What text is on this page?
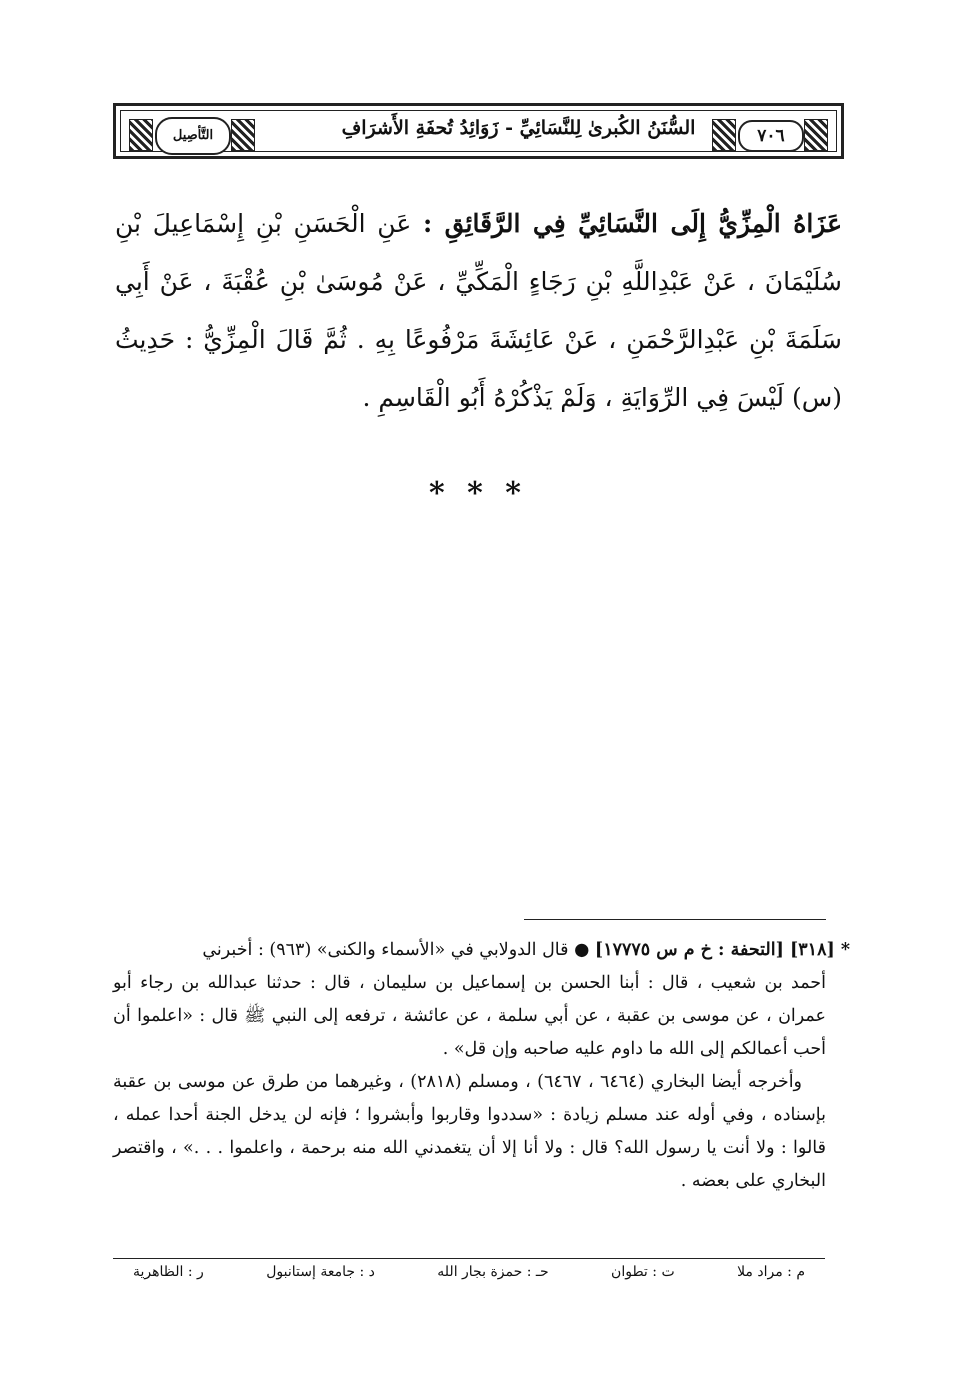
٧٠٦
السُّنَنُ الكُبرىٰ لِلنَّسَائِيِّ - زَوَائِدُ تُحفَةِ الأَشرَافِ
التَّأصِيل
عَزَاهُ الْمِزِّيُّ إِلَى النَّسَائِيِّ فِي الرَّقَائِقِ : عَنِ الْحَسَنِ بْنِ إِسْمَاعِيلَ بْنِ سُلَيْمَانَ ، عَنْ عَبْدِاللَّهِ بْنِ رَجَاءٍ الْمَكِّيِّ ، عَنْ مُوسَىٰ بْنِ عُقْبَةَ ، عَنْ أَبِي سَلَمَةَ بْنِ عَبْدِالرَّحْمَنِ ، عَنْ عَائِشَةَ مَرْفُوعًا بِهِ . ثُمَّ قَالَ الْمِزِّيُّ : حَدِيثُ (س) لَيْسَ فِي الرِّوَايَةِ ، وَلَمْ يَذْكُرْهُ أَبُو الْقَاسِمِ .
* * *

* [٣١٨] [التحفة : خ م س ١٧٧٧٥] ● قال الدولابي في «الأسماء والكنى» (٩٦٣) : أخبرني

أحمد بن شعيب ، قال : أبنا الحسن بن إسماعيل بن سليمان ، قال : حدثنا عبدالله بن رجاء أبو عمران ، عن موسى بن عقبة ، عن أبي سلمة ، عن عائشة ، ترفعه إلى النبي ﷺ قال : «اعلموا أن أحب أعمالكم إلى الله ما داوم عليه صاحبه وإن قل» .

وأخرجه أيضا البخاري (٦٤٦٤ ، ٦٤٦٧) ، ومسلم (٢٨١٨) ، وغيرهما من طرق عن موسى بن عقبة بإسناده ، وفي أوله عند مسلم زيادة : «سددوا وقاربوا وأبشروا ؛ فإنه لن يدخل الجنة أحدا عمله ، قالوا : ولا أنت يا رسول الله؟ قال : ولا أنا إلا أن يتغمدني الله منه برحمة ، واعلموا . . .» ، واقتصر البخاري على بعضه .

م : مراد ملا
ت : تطوان
حـ : حمزة بجار الله
د : جامعة إستانبول
ر : الظاهرية
